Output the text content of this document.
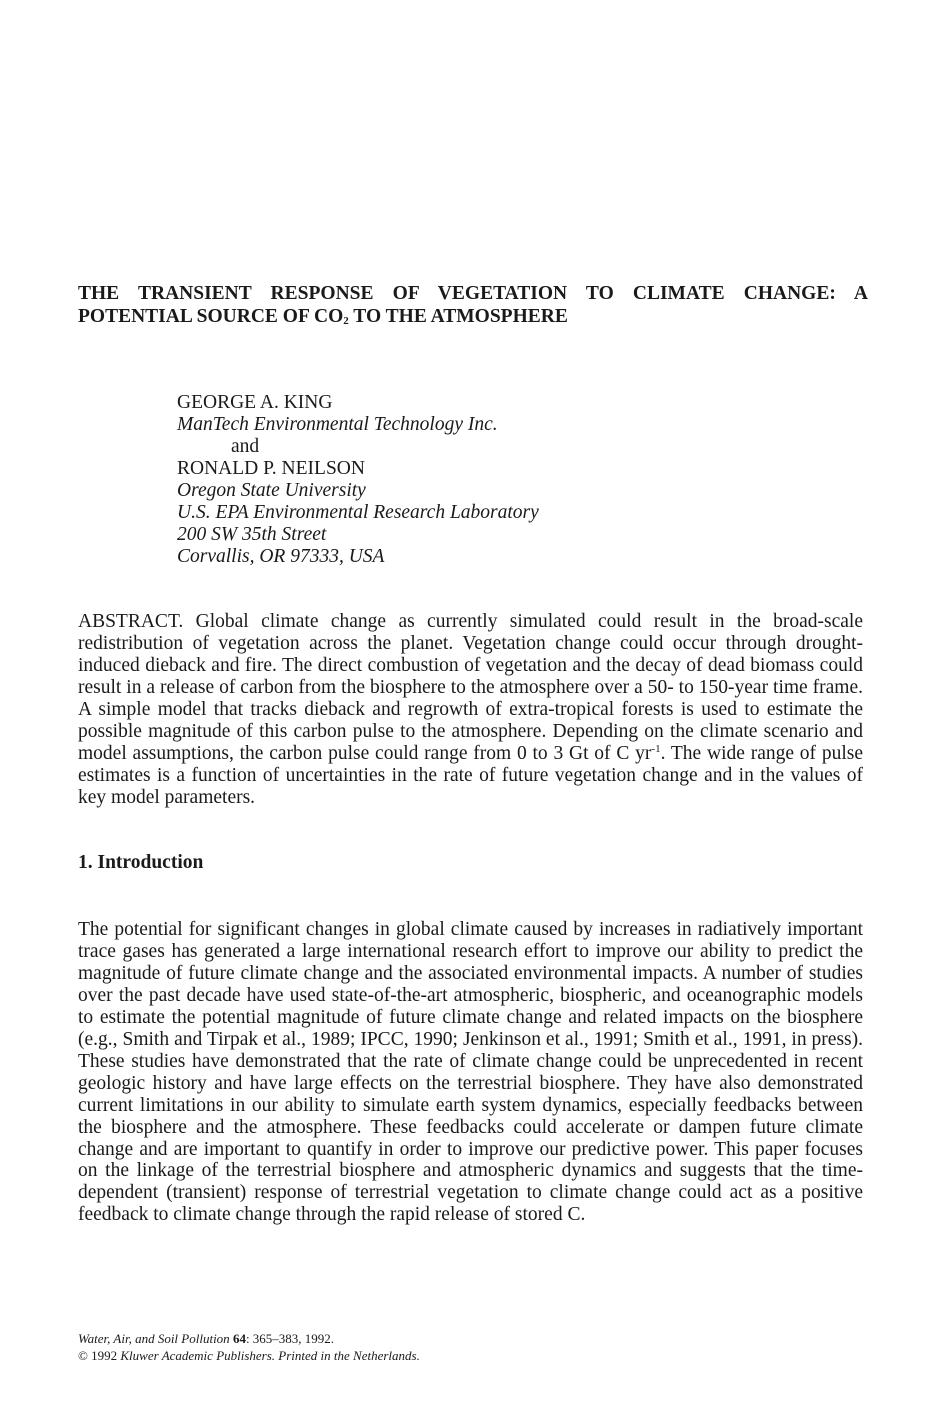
THE TRANSIENT RESPONSE OF VEGETATION TO CLIMATE CHANGE: A
POTENTIAL SOURCE OF $CO_2$ TO THE ATMOSPHERE
GEORGE A. KING
ManTech Environmental Technology Inc.
and
RONALD P. NEILSON
Oregon State University
U.S. EPA Environmental Research Laboratory
200 SW 35th Street
Corvallis, OR 97333, USA

ABSTRACT. Global climate change as currently simulated could result in the broad-scale redistribution of vegetation across the planet. Vegetation change could occur through drought-induced dieback and fire. The direct combustion of vegetation and the decay of dead biomass could result in a release of carbon from the biosphere to the atmosphere over a 50- to 150-year time frame. A simple model that tracks dieback and regrowth of extra-tropical forests is used to estimate the possible magnitude of this carbon pulse to the atmosphere. Depending on the climate scenario and model assumptions, the carbon pulse could range from 0 to 3 Gt of C $yr^{-1}$. The wide range of pulse estimates is a function of uncertainties in the rate of future vegetation change and in the values of key model parameters.

1. Introduction

The potential for significant changes in global climate caused by increases in radiatively important trace gases has generated a large international research effort to improve our ability to predict the magnitude of future climate change and the associated environmental impacts. A number of studies over the past decade have used state-of-the-art atmospheric, biospheric, and oceanographic models to estimate the potential magnitude of future climate change and related impacts on the biosphere (e.g., Smith and Tirpak et al., 1989; IPCC, 1990; Jenkinson et al., 1991; Smith et al., 1991, in press). These studies have demonstrated that the rate of climate change could be unprecedented in recent geologic history and have large effects on the terrestrial biosphere. They have also demonstrated current limitations in our ability to simulate earth system dynamics, especially feedbacks between the biosphere and the atmosphere. These feedbacks could accelerate or dampen future climate change and are important to quantify in order to improve our predictive power. This paper focuses on the linkage of the terrestrial biosphere and atmospheric dynamics and suggests that the time-dependent (transient) response of terrestrial vegetation to climate change could act as a positive feedback to climate change through the rapid release of stored C.

Water, Air, and Soil Pollution 64: 365–383, 1992.
© 1992 Kluwer Academic Publishers. Printed in the Netherlands.
